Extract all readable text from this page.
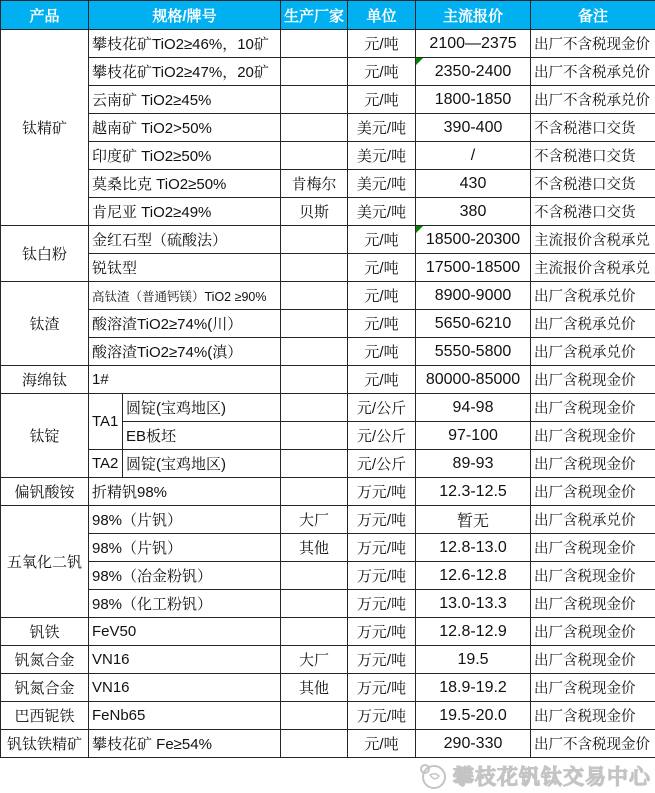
产品	规格/牌号		生产厂家	单位	主流报价	备注
钛精矿	攀枝花矿TiO2≥46%，10矿			元/吨	2100—2375	出厂不含税现金价
	攀枝花矿TiO2≥47%，20矿			元/吨	2350-2400	出厂不含税承兑价
	云南矿 TiO2≥45%			元/吨	1800-1850	出厂不含税承兑价
	越南矿 TiO2>50%			美元/吨	390-400	不含税港口交货
	印度矿 TiO2≥50%			美元/吨	/	不含税港口交货
	莫桑比克 TiO2≥50%		肯梅尔	美元/吨	430	不含税港口交货
	肯尼亚 TiO2≥49%		贝斯	美元/吨	380	不含税港口交货
钛白粉	金红石型（硫酸法）			元/吨	18500-20300	主流报价含税承兑
	锐钛型			元/吨	17500-18500	主流报价含税承兑
钛渣	高钛渣（普通钙镁）TiO2 ≥90%			元/吨	8900-9000	出厂含税承兑价
	酸溶渣TiO2≥74%(川）			元/吨	5650-6210	出厂含税承兑价
	酸溶渣TiO2≥74%(滇）			元/吨	5550-5800	出厂含税承兑价
海绵钛	1#			元/吨	80000-85000	出厂含税现金价
钛锭	TA1	圆锭(宝鸡地区)		元/公斤	94-98	出厂含税现金价
		EB板坯		元/公斤	97-100	出厂含税现金价
	TA2	圆锭(宝鸡地区)		元/公斤	89-93	出厂含税现金价
偏钒酸铵	折精钒98%			万元/吨	12.3-12.5	出厂含税现金价
五氧化二钒	98%（片钒）		大厂	万元/吨	暂无	出厂含税承兑价
	98%（片钒）		其他	万元/吨	12.8-13.0	出厂含税现金价
	98%（冶金粉钒）			万元/吨	12.6-12.8	出厂含税现金价
	98%（化工粉钒）			万元/吨	13.0-13.3	出厂含税现金价
钒铁	FeV50			万元/吨	12.8-12.9	出厂含税现金价
钒氮合金	VN16		大厂	万元/吨	19.5	出厂含税现金价
钒氮合金	VN16		其他	万元/吨	18.9-19.2	出厂含税现金价
巴西铌铁	FeNb65			万元/吨	19.5-20.0	出厂含税现金价
钒钛铁精矿	攀枝花矿 Fe≥54%			元/吨	290-330	出厂不含税现金价
攀枝花钒钛交易中心
